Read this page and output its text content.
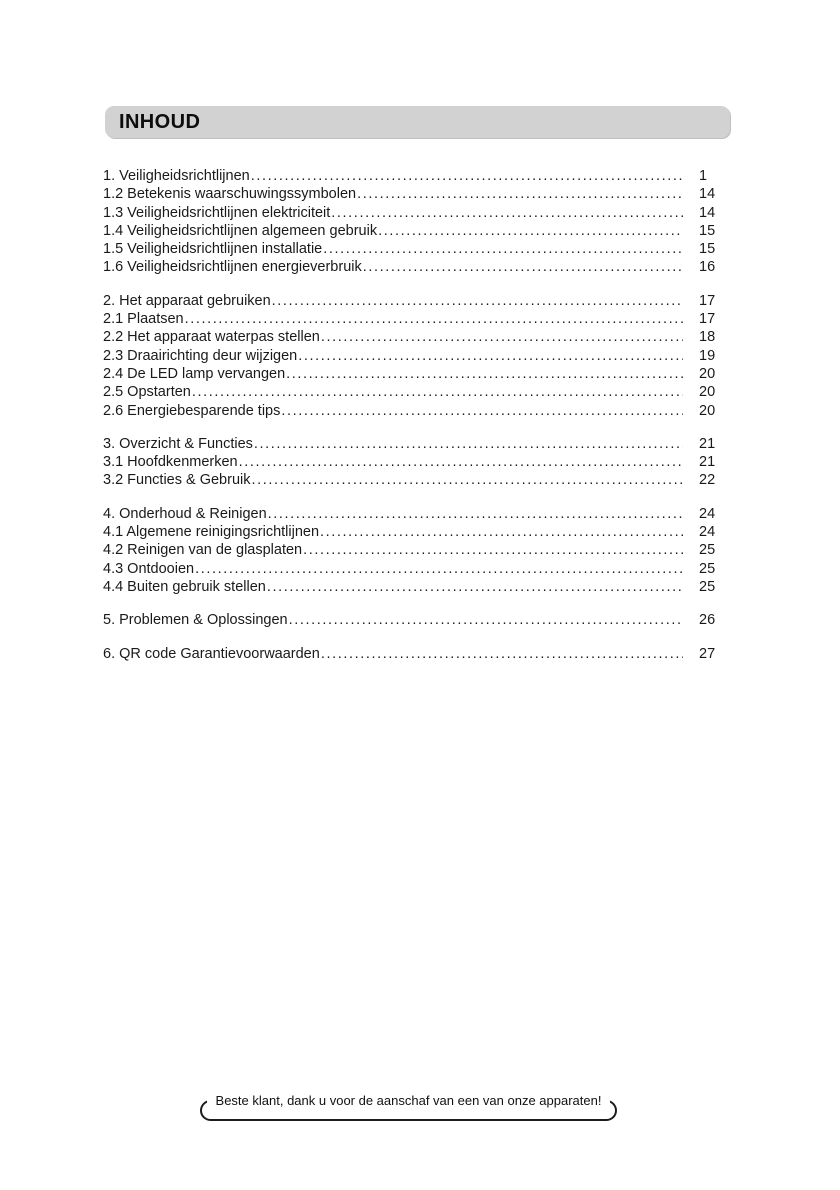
INHOUD
1. Veiligheidsrichtlijnen .....	1
1.2 Betekenis waarschuwingssymbolen .....	14
1.3 Veiligheidsrichtlijnen elektriciteit .....	14
1.4 Veiligheidsrichtlijnen algemeen gebruik .....	15
1.5 Veiligheidsrichtlijnen installatie .....	15
1.6 Veiligheidsrichtlijnen energieverbruik .....	16
2. Het apparaat gebruiken .....	17
2.1 Plaatsen .....	17
2.2 Het apparaat waterpas stellen .....	18
2.3 Draairichting deur wijzigen .....	19
2.4 De LED lamp vervangen .....	20
2.5 Opstarten .....	20
2.6 Energiebesparende tips .....	20
3. Overzicht & Functies .....	21
3.1 Hoofdkenmerken .....	21
3.2 Functies & Gebruik .....	22
4. Onderhoud & Reinigen .....	24
4.1 Algemene reinigingsrichtlijnen .....	24
4.2 Reinigen van de glasplaten .....	25
4.3 Ontdooien .....	25
4.4 Buiten gebruik stellen .....	25
5. Problemen & Oplossingen .....	26
6. QR code Garantievoorwaarden .....	27
Beste klant, dank u voor de aanschaf van een van onze apparaten!
